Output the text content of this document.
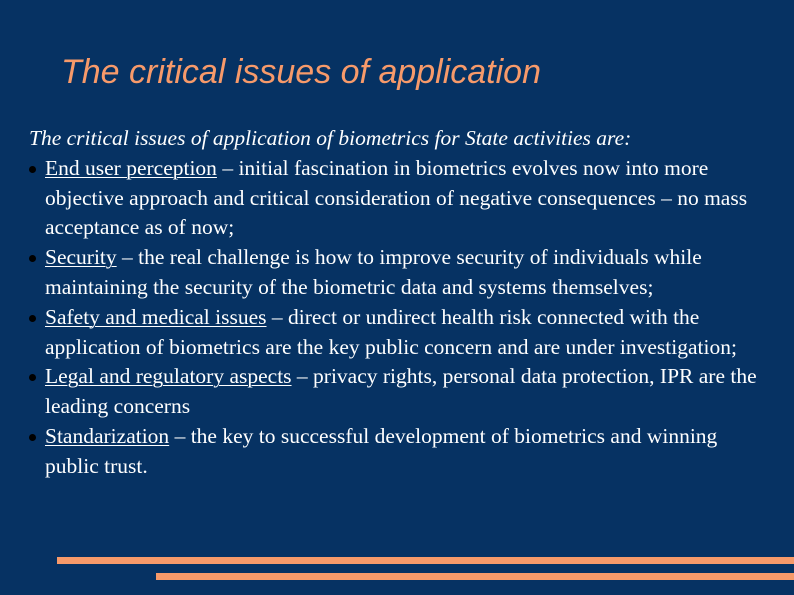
The critical issues of application
The critical issues of application of biometrics for State activities are:
End user perception – initial fascination in biometrics evolves now into more objective approach and critical consideration of negative consequences – no mass acceptance as of now;
Security – the real challenge is how to improve security of individuals while maintaining the security of the biometric data and systems themselves;
Safety and medical issues – direct or undirect health risk connected with the application of biometrics are the key public concern and are under investigation;
Legal and regulatory aspects – privacy rights, personal data protection, IPR are the leading concerns
Standarization – the key to successful development of biometrics and winning public trust.
